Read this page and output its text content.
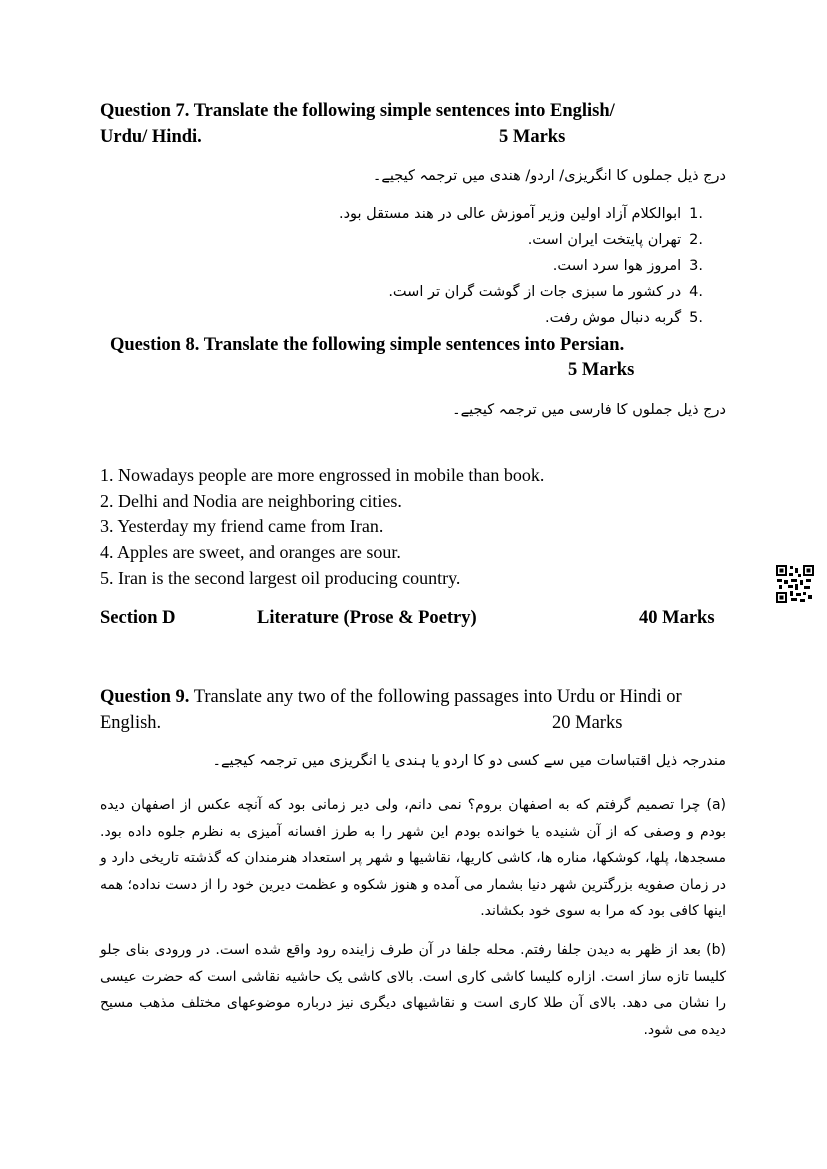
Question 7. Translate the following simple sentences into English/
Urdu/ Hindi.	5 Marks
درج ذیل جملوں کا انگریزی/ اردو/ ھندی میں ترجمہ کیجیے۔
.1ابوالکلام آزاد اولین وزیر آموزش عالی در هند مستقل بود.
.2تهران پایتخت ایران است.
.3امروز هوا سرد است.
.4در کشور ما سبزی جات از گوشت گران تر است.
.5گربه دنبال موش رفت.
Question 8. Translate the following simple sentences into Persian.
5 Marks
درج ذیل جملوں کا فارسی میں ترجمہ کیجیے۔
1. Nowadays people are more engrossed in mobile than book.
2. Delhi and Nodia are neighboring cities.
3. Yesterday my friend came from Iran.
4. Apples are sweet, and oranges are sour.
5. Iran is the second largest oil producing country.
Section D	Literature (Prose & Poetry)	40 Marks
Question 9. Translate any two of the following passages into Urdu or Hindi or
English.	20 Marks
مندرجہ ذیل اقتباسات میں سے کسی دو کا اردو یا ہندی یا انگریزی میں ترجمہ کیجیے۔
(a) چرا تصمیم گرفتم که به اصفهان بروم؟ نمی دانم، ولی دیر زمانی بود که آنچه عکس از اصفهان دیده بودم و وصفی که از آن شنیده یا خوانده بودم این شهر را به طرز افسانه آمیزی به نظرم جلوه داده بود. مسجدها، پلها، کوشکها، مناره ها، کاشی کاریها، نقاشیها و شهر پر استعداد هنرمندان که گذشته تاریخی دارد و در زمان صفویه بزرگترین شهر دنیا بشمار می آمده و هنوز شکوه و عظمت دیرین خود را از دست نداده؛ همه اینها کافی بود که مرا به سوی خود بکشاند.
(b) بعد از ظهر به دیدن جلفا رفتم. محله جلفا در آن طرف زاینده رود واقع شده است. در ورودی بنای جلو کلیسا تازه ساز است. ازاره کلیسا کاشی کاری است. بالای کاشی یک حاشیه نقاشی است که حضرت عیسی را نشان می دهد. بالای آن طلا کاری است و نقاشیهای دیگری نیز درباره موضوعهای مختلف مذهب مسیح دیده می شود.
